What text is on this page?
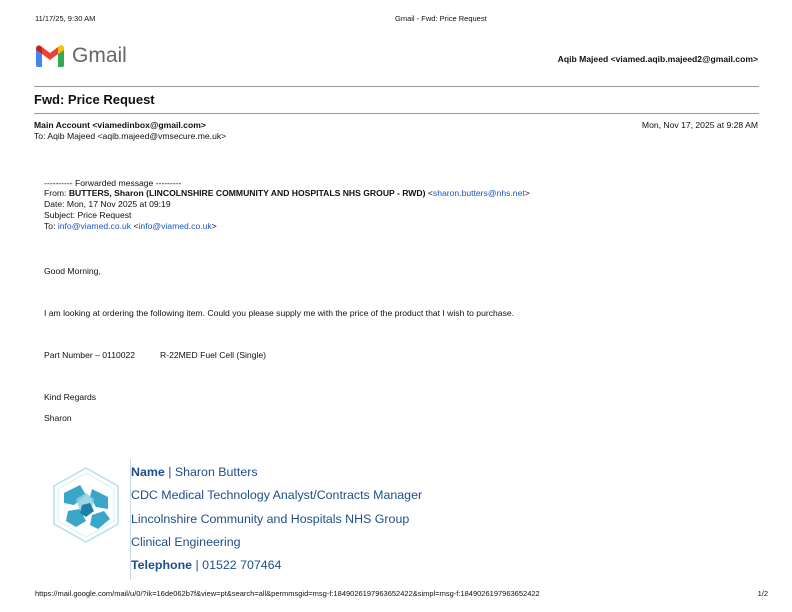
11/17/25, 9:30 AM	Gmail - Fwd: Price Request
Gmail	Aqib Majeed <viamed.aqib.majeed2@gmail.com>
Fwd: Price Request
Main Account <viamedinbox@gmail.com>
To: Aqib Majeed <aqib.majeed@vmsecure.me.uk>
Mon, Nov 17, 2025 at 9:28 AM
---------- Forwarded message ---------
From: BUTTERS, Sharon (LINCOLNSHIRE COMMUNITY AND HOSPITALS NHS GROUP - RWD) <sharon.butters@nhs.net>
Date: Mon, 17 Nov 2025 at 09:19
Subject: Price Request
To: info@viamed.co.uk <info@viamed.co.uk>
Good Morning,
I am looking at ordering the following item. Could you please supply me with the price of the product that I wish to purchase.
Part Number – 0110022	R-22MED Fuel Cell (Single)
Kind Regards
Sharon
Name | Sharon Butters
CDC Medical Technology Analyst/Contracts Manager
Lincolnshire Community and Hospitals NHS Group
Clinical Engineering
Telephone | 01522 707464
https://mail.google.com/mail/u/0/?ik=16de062b7f&view=pt&search=all&permmsgid=msg-f:1849026197963652422&simpl=msg-f:1849026197963652422	1/2
